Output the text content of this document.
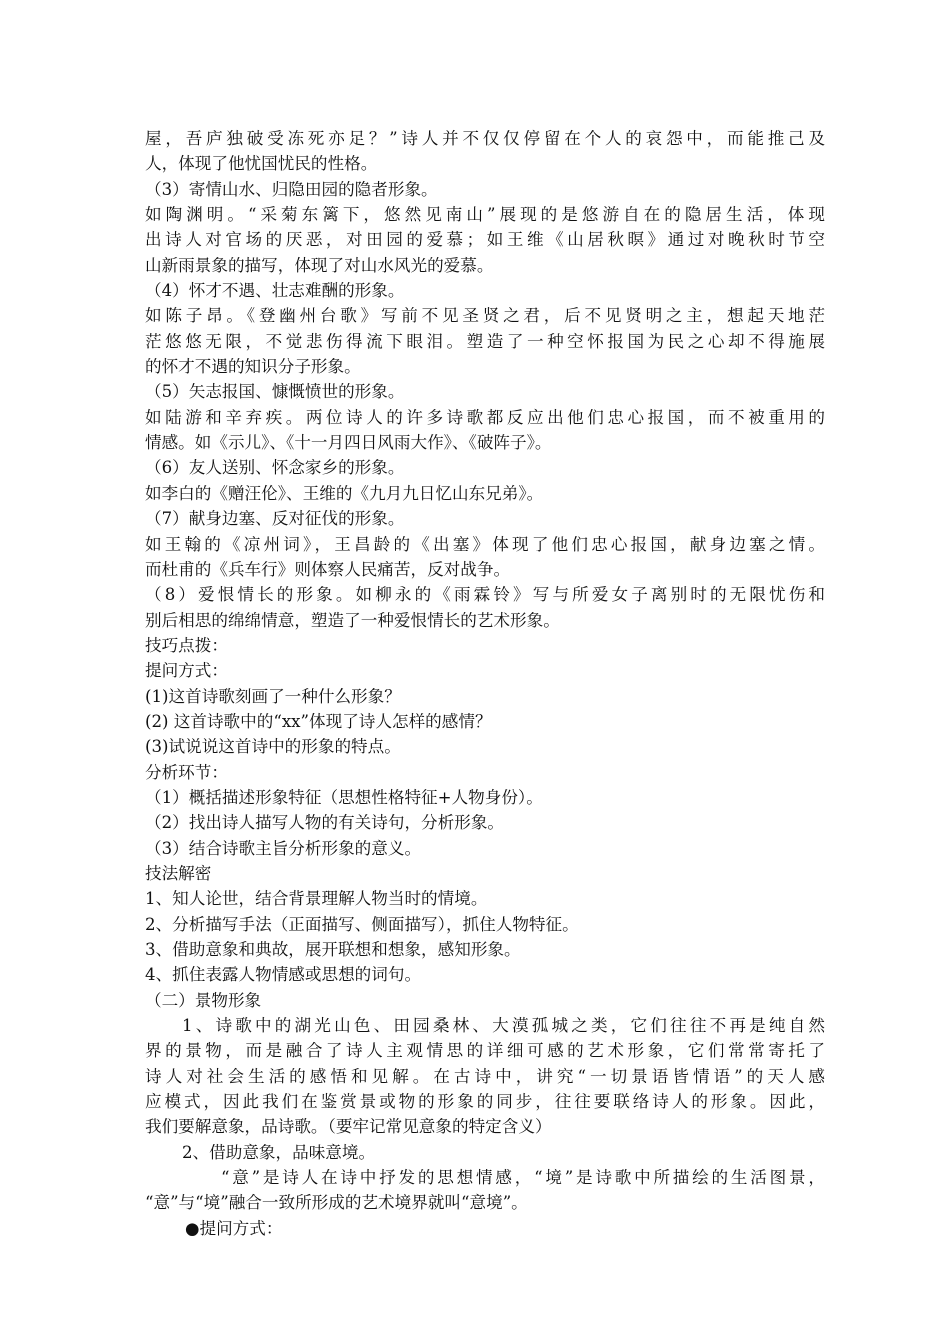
屋，吾庐独破受冻死亦足？”诗人并不仅仅停留在个人的哀怨中，而能推己及
人，体现了他忧国忧民的性格。
（3）寄情山水、归隐田园的隐者形象。
如陶渊明。“采菊东篱下，悠然见南山”展现的是悠游自在的隐居生活，体现
出诗人对官场的厌恶，对田园的爱慕；如王维《山居秋暝》通过对晚秋时节空
山新雨景象的描写，体现了对山水风光的爱慕。
（4）怀才不遇、壮志难酬的形象。
如陈子昂。《登幽州台歌》写前不见圣贤之君，后不见贤明之主，想起天地茫
茫悠悠无限，不觉悲伤得流下眼泪。塑造了一种空怀报国为民之心却不得施展
的怀才不遇的知识分子形象。
（5）矢志报国、慷慨愤世的形象。
如陆游和辛弃疾。两位诗人的许多诗歌都反应出他们忠心报国，而不被重用的
情感。如《示儿》、《十一月四日风雨大作》、《破阵子》。
（6）友人送别、怀念家乡的形象。
如李白的《赠汪伦》、王维的《九月九日忆山东兄弟》。
（7）献身边塞、反对征伐的形象。
如王翰的《凉州词》，王昌龄的《出塞》体现了他们忠心报国，献身边塞之情。
而杜甫的《兵车行》则体察人民痛苦，反对战争。
（8）爱恨情长的形象。如柳永的《雨霖铃》写与所爱女子离别时的无限忧伤和
别后相思的绵绵情意，塑造了一种爱恨情长的艺术形象。
技巧点拨：
提问方式：
(1)这首诗歌刻画了一种什么形象？
(2) 这首诗歌中的“xx”体现了诗人怎样的感情？
(3)试说说这首诗中的形象的特点。
分析环节：
（1）概括描述形象特征（思想性格特征+人物身份）。
（2）找出诗人描写人物的有关诗句，分析形象。
（3）结合诗歌主旨分析形象的意义。
技法解密
1、知人论世，结合背景理解人物当时的情境。
2、分析描写手法（正面描写、侧面描写），抓住人物特征。
3、借助意象和典故，展开联想和想象，感知形象。
4、抓住表露人物情感或思想的词句。
（二）景物形象
1、诗歌中的湖光山色、田园桑林、大漠孤城之类，它们往往不再是纯自然
界的景物，而是融合了诗人主观情思的详细可感的艺术形象，它们常常寄托了
诗人对社会生活的感悟和见解。在古诗中，讲究“一切景语皆情语”的天人感
应模式，因此我们在鉴赏景或物的形象的同步，往往要联络诗人的形象。因此，
我们要解意象，品诗歌。（要牢记常见意象的特定含义）
2、借助意象，品味意境。
“意”是诗人在诗中抒发的思想情感，“境”是诗歌中所描绘的生活图景，
“意”与“境”融合一致所形成的艺术境界就叫“意境”。
●提问方式：
